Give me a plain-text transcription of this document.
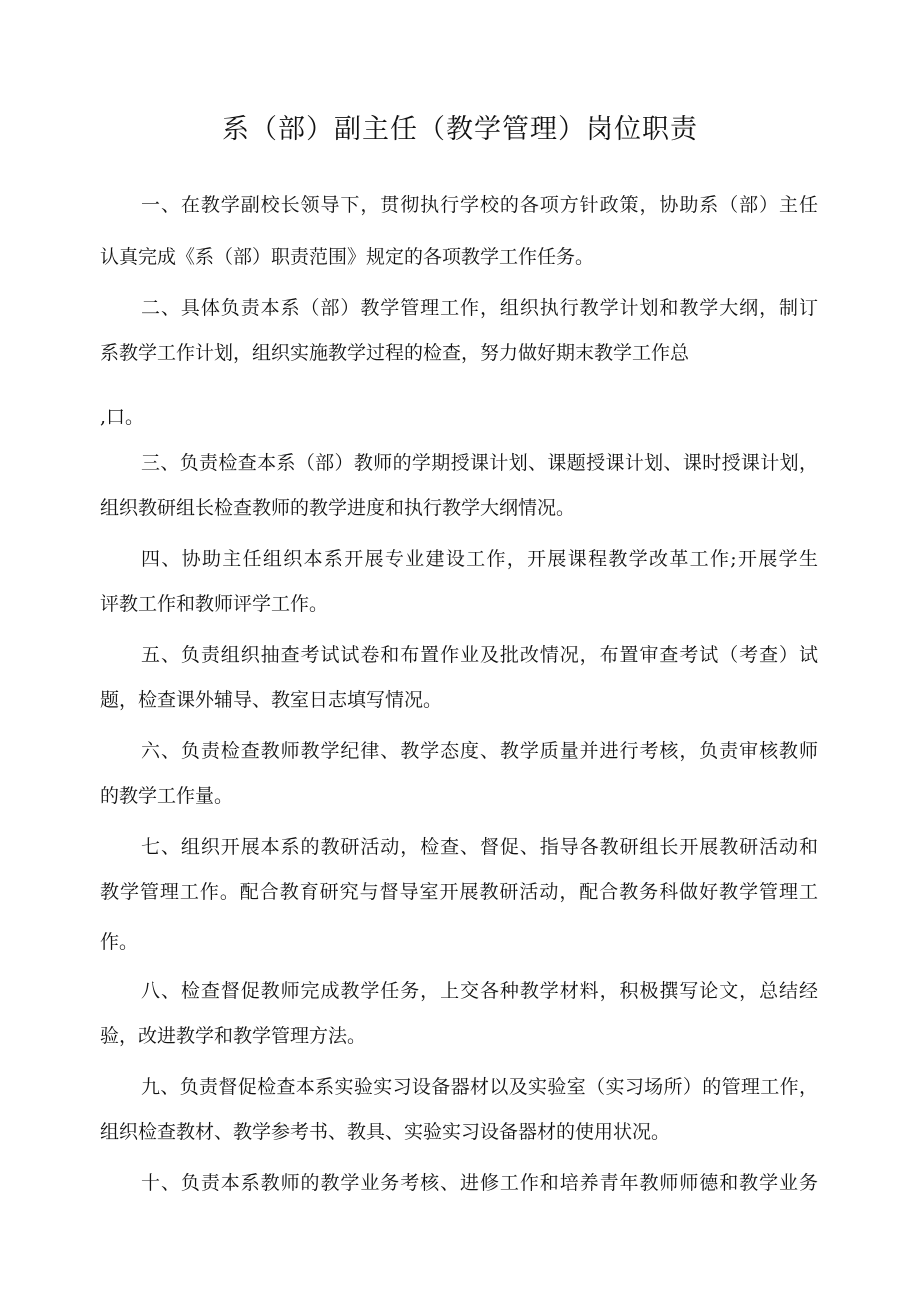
系（部）副主任（教学管理）岗位职责
一、在教学副校长领导下，贯彻执行学校的各项方针政策，协助系（部）主任
认真完成《系（部）职责范围》规定的各项教学工作任务。
二、具体负责本系（部）教学管理工作，组织执行教学计划和教学大纲，制订
系教学工作计划，组织实施教学过程的检查，努力做好期末教学工作总
,口。
三、负责检查本系（部）教师的学期授课计划、课题授课计划、课时授课计划，
组织教研组长检查教师的教学进度和执行教学大纲情况。
四、协助主任组织本系开展专业建设工作，开展课程教学改革工作;开展学生
评教工作和教师评学工作。
五、负责组织抽查考试试卷和布置作业及批改情况，布置审查考试（考查）试
题，检查课外辅导、教室日志填写情况。
六、负责检查教师教学纪律、教学态度、教学质量并进行考核，负责审核教师
的教学工作量。
七、组织开展本系的教研活动，检查、督促、指导各教研组长开展教研活动和
教学管理工作。配合教育研究与督导室开展教研活动，配合教务科做好教学管理工
作。
八、检查督促教师完成教学任务，上交各种教学材料，积极撰写论文，总结经
验，改进教学和教学管理方法。
九、负责督促检查本系实验实习设备器材以及实验室（实习场所）的管理工作，
组织检查教材、教学参考书、教具、实验实习设备器材的使用状况。
十、负责本系教师的教学业务考核、进修工作和培养青年教师师德和教学业务
